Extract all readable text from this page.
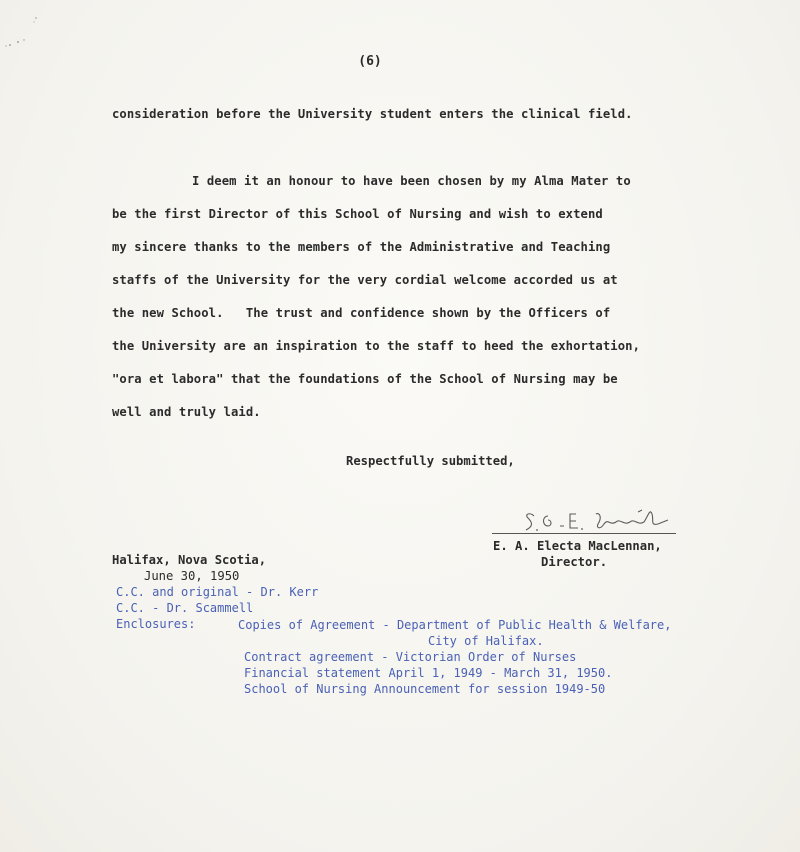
(6)
consideration before the University student enters the clinical field.
I deem it an honour to have been chosen by my Alma Mater to
be the first Director of this School of Nursing and wish to extend
my sincere thanks to the members of the Administrative and Teaching
staffs of the University for the very cordial welcome accorded us at
the new School.   The trust and confidence shown by the Officers of
the University are an inspiration to the staff to heed the exhortation,
"ora et labora" that the foundations of the School of Nursing may be
well and truly laid.
Respectfully submitted,
E. A. Electa MacLennan,
Director.
Halifax, Nova Scotia,
June 30, 1950
C.C. and original - Dr. Kerr
C.C. - Dr. Scammell
Enclosures:	Copies of Agreement - Department of Public Health & Welfare,
City of Halifax.
Contract agreement - Victorian Order of Nurses
Financial statement April 1, 1949 - March 31, 1950.
School of Nursing Announcement for session 1949-50
